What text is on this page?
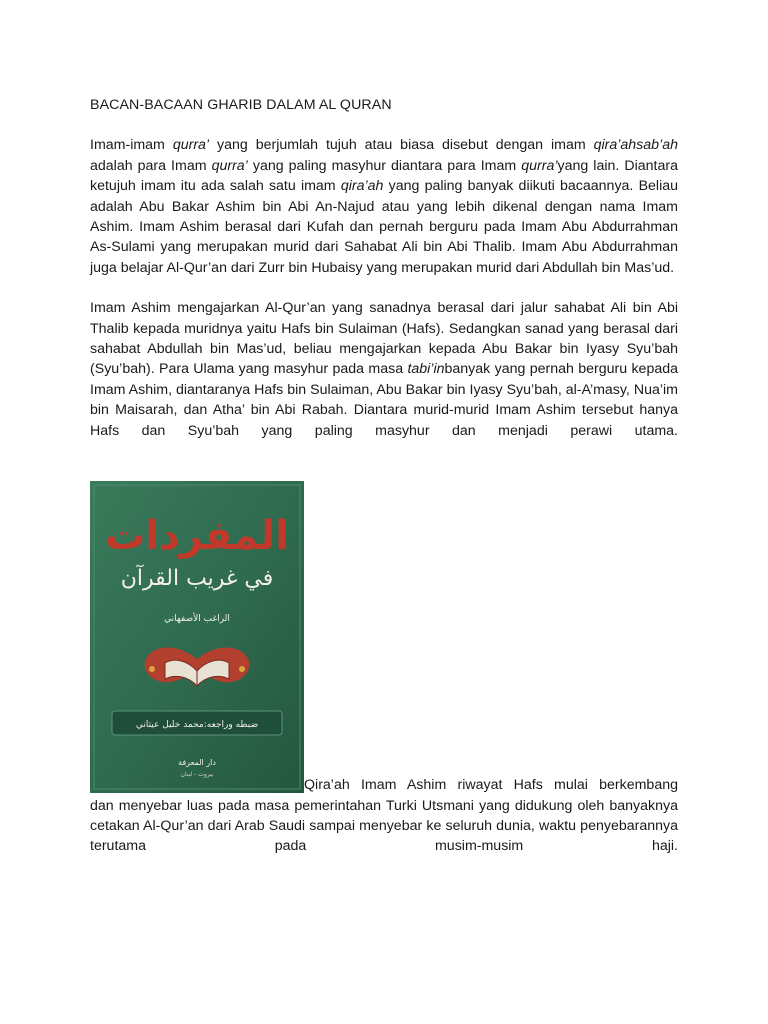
BACAN-BACAAN GHARIB DALAM AL QURAN
Imam-imam qurra’ yang berjumlah tujuh atau biasa disebut dengan imam qira’ahsab’ah adalah para Imam qurra’ yang paling masyhur diantara para Imam qurra’yang lain. Diantara ketujuh imam itu ada salah satu imam qira’ah yang paling banyak diikuti bacaannya. Beliau adalah Abu Bakar Ashim bin Abi An-Najud atau yang lebih dikenal dengan nama Imam Ashim. Imam Ashim berasal dari Kufah dan pernah berguru pada Imam Abu Abdurrahman As-Sulami yang merupakan murid dari Sahabat Ali bin Abi Thalib. Imam Abu Abdurrahman juga belajar Al-Qur’an dari Zurr bin Hubaisy yang merupakan murid dari Abdullah bin Mas’ud.
Imam Ashim mengajarkan Al-Qur’an yang sanadnya berasal dari jalur sahabat Ali bin Abi Thalib kepada muridnya yaitu Hafs bin Sulaiman (Hafs). Sedangkan sanad yang berasal dari sahabat Abdullah bin Mas’ud, beliau mengajarkan kepada Abu Bakar bin Iyasy Syu’bah (Syu’bah). Para Ulama yang masyhur pada masa tabi’inbanyak yang pernah berguru kepada Imam Ashim, diantaranya Hafs bin Sulaiman, Abu Bakar bin Iyasy Syu’bah, al-A’masy, Nua’im bin Maisarah, dan Atha’ bin Abi Rabah. Diantara murid-murid Imam Ashim tersebut hanya Hafs dan Syu’bah yang paling masyhur dan menjadi perawi utama.
المفردات
في غريب القرآن
الراغب الأصفهاني
ضبطه وراجعه:محمد خليل عيتاني
دار المعرفة
بيروت - لبنان
Qira’ah Imam Ashim riwayat Hafs mulai berkembang
dan menyebar luas pada masa pemerintahan Turki Utsmani yang didukung oleh banyaknya cetakan Al-Qur’an dari Arab Saudi sampai menyebar ke seluruh dunia, waktu penyebarannya terutama pada musim-musim haji.
